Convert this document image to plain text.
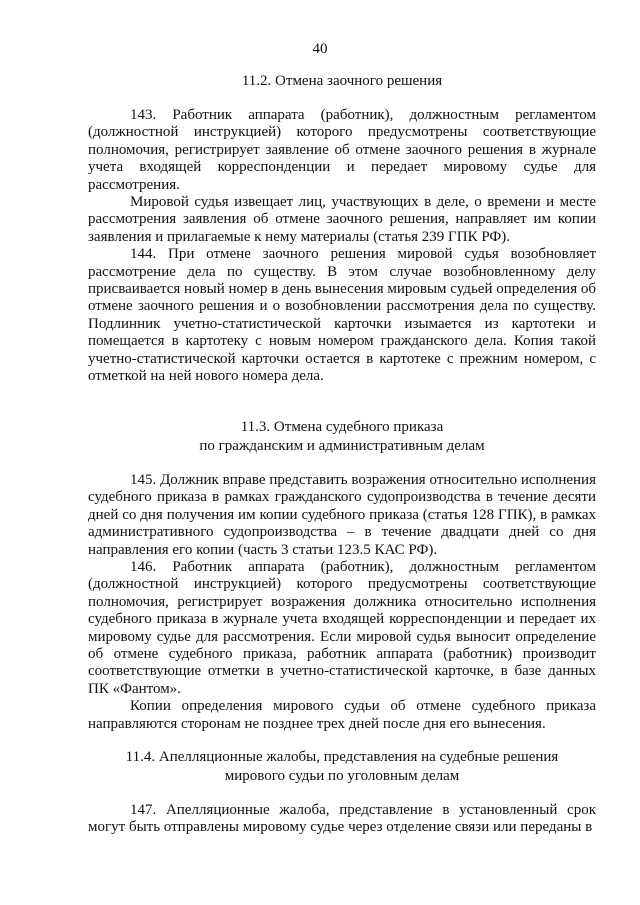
40
11.2. Отмена заочного решения

143. Работник аппарата (работник), должностным регламентом (должностной инструкцией) которого предусмотрены соответствующие полномочия, регистрирует заявление об отмене заочного решения в журнале учета входящей корреспонденции и передает мировому судье для рассмотрения.

Мировой судья извещает лиц, участвующих в деле, о времени и месте рассмотрения заявления об отмене заочного решения, направляет им копии заявления и прилагаемые к нему материалы (статья 239 ГПК РФ).

144. При отмене заочного решения мировой судья возобновляет рассмотрение дела по существу. В этом случае возобновленному делу присваивается новый номер в день вынесения мировым судьей определения об отмене заочного решения и о возобновлении рассмотрения дела по существу. Подлинник учетно-статистической карточки изымается из картотеки и помещается в картотеку с новым номером гражданского дела. Копия такой учетно-статистической карточки остается в картотеке с прежним номером, с отметкой на ней нового номера дела.

11.3. Отмена судебного приказа
по гражданским и административным делам

145. Должник вправе представить возражения относительно исполнения судебного приказа в рамках гражданского судопроизводства в течение десяти дней со дня получения им копии судебного приказа (статья 128 ГПК), в рамках административного судопроизводства – в течение двадцати дней со дня направления его копии (часть 3 статьи 123.5 КАС РФ).

146. Работник аппарата (работник), должностным регламентом (должностной инструкцией) которого предусмотрены соответствующие полномочия, регистрирует возражения должника относительно исполнения судебного приказа в журнале учета входящей корреспонденции и передает их мировому судье для рассмотрения. Если мировой судья выносит определение об отмене судебного приказа, работник аппарата (работник) производит соответствующие отметки в учетно-статистической карточке, в базе данных ПК «Фантом».

Копии определения мирового судьи об отмене судебного приказа направляются сторонам не позднее трех дней после дня его вынесения.

11.4. Апелляционные жалобы, представления на судебные решения
мирового судьи по уголовным делам

147. Апелляционные жалоба, представление в установленный срок могут быть отправлены мировому судье через отделение связи или переданы в
